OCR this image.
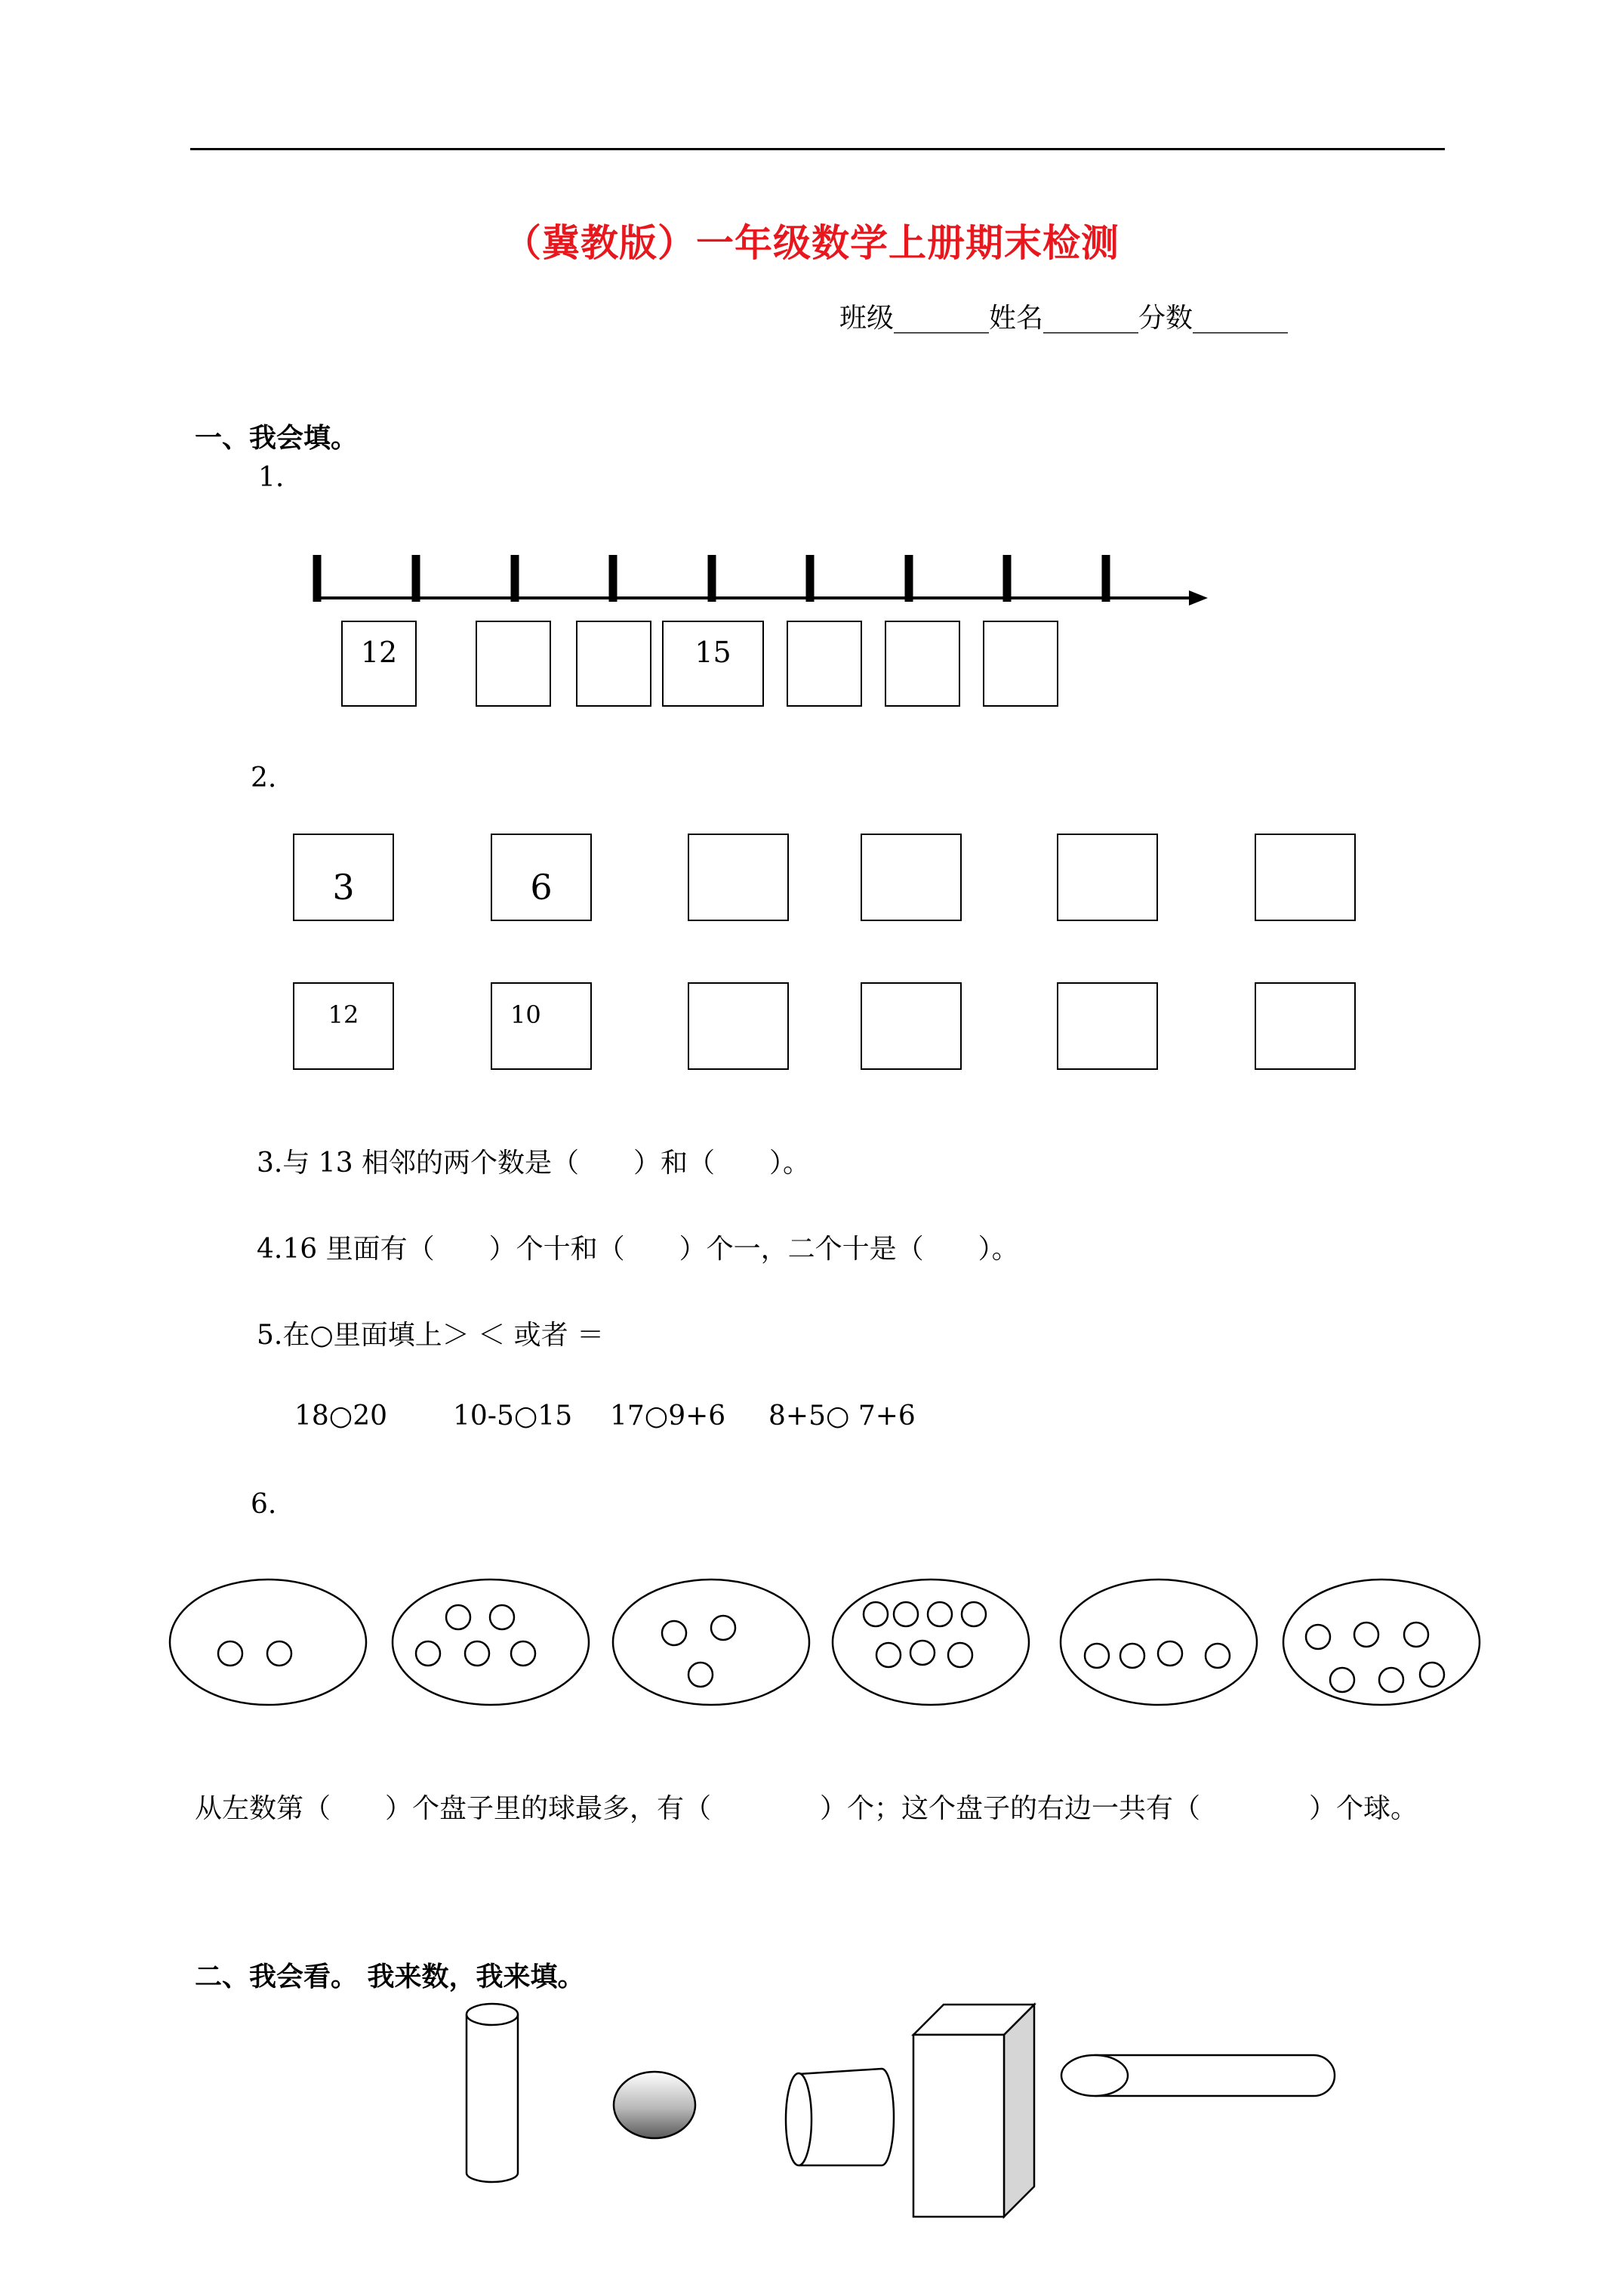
（冀教版）一年级数学上册期末检测
班级_______姓名_______分数_______
一、我会填。
1.
12	15
2.
3	6
12	10
3.与 13 相邻的两个数是（　　）和（　　）。
4.16 里面有（　　）个十和（　　）个一，二个十是（　　）。
5.在○里面填上＞ ＜ 或者 ＝
18○20 10-5○15 17○9+6 8+5○ 7+6
6.
从左数第（　　）个盘子里的球最多，有（　　　　）个；这个盘子的右边一共有（　　　　）个球。
二、我会看。 我来数，我来填。
